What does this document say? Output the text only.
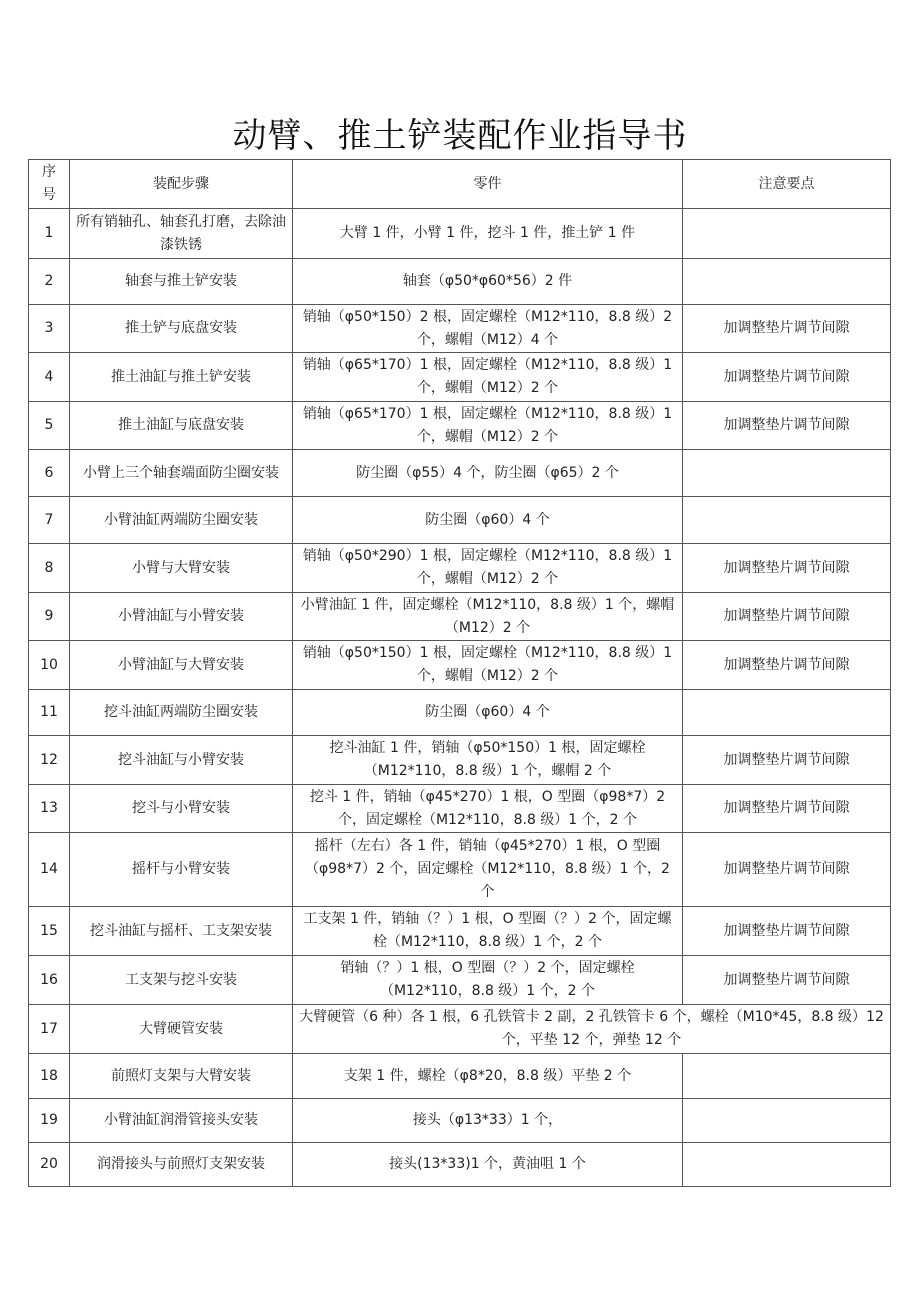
动臂、推土铲装配作业指导书
序
号	装配步骤	零件	注意要点
1	所有销轴孔、轴套孔打磨，去除油漆铁锈	大臂 1 件，小臂 1 件，挖斗 1 件，推土铲 1 件	
2	轴套与推土铲安装	轴套（φ50*φ60*56）2 件	
3	推土铲与底盘安装	销轴（φ50*150）2 根，固定螺栓（M12*110，8.8 级）2 个，螺帽（M12）4 个	加调整垫片调节间隙
4	推土油缸与推土铲安装	销轴（φ65*170）1 根，固定螺栓（M12*110，8.8 级）1 个，螺帽（M12）2 个	加调整垫片调节间隙
5	推土油缸与底盘安装	销轴（φ65*170）1 根，固定螺栓（M12*110，8.8 级）1 个，螺帽（M12）2 个	加调整垫片调节间隙
6	小臂上三个轴套端面防尘圈安装	防尘圈（φ55）4 个，防尘圈（φ65）2 个	
7	小臂油缸两端防尘圈安装	防尘圈（φ60）4 个	
8	小臂与大臂安装	销轴（φ50*290）1 根，固定螺栓（M12*110，8.8 级）1 个，螺帽（M12）2 个	加调整垫片调节间隙
9	小臂油缸与小臂安装	小臂油缸 1 件，固定螺栓（M12*110，8.8 级）1 个，螺帽（M12）2 个	加调整垫片调节间隙
10	小臂油缸与大臂安装	销轴（φ50*150）1 根，固定螺栓（M12*110，8.8 级）1 个，螺帽（M12）2 个	加调整垫片调节间隙
11	挖斗油缸两端防尘圈安装	防尘圈（φ60）4 个	
12	挖斗油缸与小臂安装	挖斗油缸 1 件，销轴（φ50*150）1 根，固定螺栓（M12*110，8.8 级）1 个，螺帽 2 个	加调整垫片调节间隙
13	挖斗与小臂安装	挖斗 1 件，销轴（φ45*270）1 根，O 型圈（φ98*7）2 个，固定螺栓（M12*110，8.8 级）1 个，2 个	加调整垫片调节间隙
14	摇杆与小臂安装	摇杆（左右）各 1 件，销轴（φ45*270）1 根，O 型圈（φ98*7）2 个，固定螺栓（M12*110，8.8 级）1 个，2 个	加调整垫片调节间隙
15	挖斗油缸与摇杆、工支架安装	工支架 1 件，销轴（？）1 根，O 型圈（？）2 个，固定螺栓（M12*110，8.8 级）1 个，2 个	加调整垫片调节间隙
16	工支架与挖斗安装	销轴（？）1 根，O 型圈（？）2 个，固定螺栓（M12*110，8.8 级）1 个，2 个	加调整垫片调节间隙
17	大臂硬管安装	大臂硬管（6 种）各 1 根，6 孔铁管卡 2 副，2 孔铁管卡 6 个，螺栓（M10*45，8.8 级）12 个，平垫 12 个，弹垫 12 个	
18	前照灯支架与大臂安装	支架 1 件，螺栓（φ8*20，8.8 级）平垫 2 个	
19	小臂油缸润滑管接头安装	接头（φ13*33）1 个，	
20	润滑接头与前照灯支架安装	接头(13*33)1 个，黄油咀 1 个	
